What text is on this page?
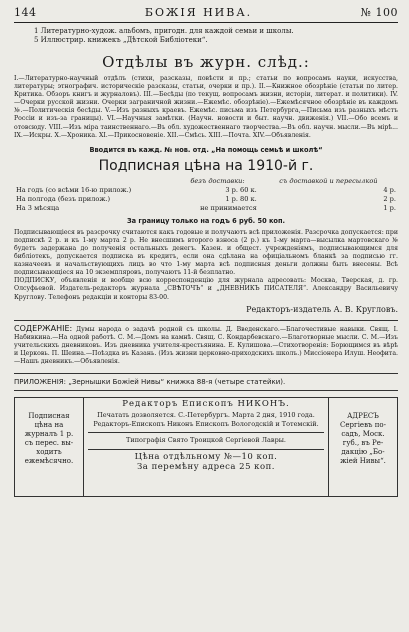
144	БОЖІЯ НИВА.	№ 100
1 Литературно-худож. альбомъ, пригодн. для каждой семьи и школы.
5 Иллюстрир. книжекъ „Дѣтской Библіотеки“.
Отдѣлы въ журн. слѣд.:
I.—Литературно-научный отдѣлъ (стихи, разсказы, повѣсти и пр.; статьи по вопросамъ науки, искусства, литературы; этнографич. историческіе разсказы, статьи, очерки и пр.). II.—Книжное обозрѣніе (статьи по литер. Критика. Обзоръ книгъ и журналовъ). III.—Бесѣды (по текущ. вопросамъ жизни, исторіи, литерат. и политики). IV.—Очерки русской жизни. Очерки заграничной жизни.—Ежемѣс. обозрѣніе).—Ежемѣсячное обозрѣніе въ каждомъ №.—Политическія бесѣды. V.—Изъ разныхъ краевъ. Ежемѣс. письма изъ Петербурга,—Письма изъ разныхъ мѣстъ Россіи и изъ-за границы). VI.—Научныя замѣтки. (Научн. новости и быт. научн. движенія.) VII.—Обо всемъ и отовсюду. VIII.—Изъ міра таинственнаго.—Въ обл. художественнаго творчества.—Въ обл. научн. мысли.—Въ мірѣ... IX.—Искры. X.—Хроника. XI.—Прикосновеніе. XII.—Смѣсь. XIII.—Почта. XIV.—Объявленія.
Вводится въ кажд. № нов. отд. „На помощь семьѣ и школѣ“
Подписная цѣна на 1910-й г.
	безъ доставки:	съ доставкой и пересылкой
На годъ (со всѣми 16-ю прилож.)	3 р. 60 к.	4 р.
На полгода (безъ прилож.)	1 р. 80 к.	2 р.
На 3 мѣсяца	не принимается	1 р.
За границу только на годъ 6 руб. 50 коп.
Подписывающіеся въ разсрочку считаются какъ годовые и получаютъ всѣ приложенія. Разсрочка допускается: при подпискѣ 2 р. и къ 1-му марта 2 р. Не внесшимъ второго взноса (2 р.) къ 1-му марта—высылка мартовскаго № будетъ задержана до полученія остальныхъ денегъ. Казен. и общест. учрежденіямъ, подписывающимся для библіотекъ, допускается подписка въ кредитъ, если она сдѣлана на офиціальномъ бланкѣ за подписью гг. казначеевъ и начальствующихъ лицъ во что 1-му марта всѣ подписныя деньги должны быть внесены. Всѣ подписывающіеся на 10 экземпляровъ, получаютъ 11-й безплатно.
ПОДПИСКУ, объявленія и вообще всю корреспонденцію для журнала адресовать: Москва, Тверская, д. гр. Олсуфьевой. Издатель-редакторъ журнала „СВѢТОЧЪ“ и „ДНЕВНИКЪ ПИСАТЕЛЯ“. Александру Васильевичу Круглову. Телефонъ редакціи и конторы 83-00.
Редакторъ-издатель А. В. Кругловъ.
СОДЕРЖАНІЕ: Думы народа о задачѣ родной съ школы. Д. Введенскаго.—Благочестивые навыки. Свящ. І. Набивкина.—На одной работѣ. С. М.—Домъ на камнѣ. Свящ. С. Кондарбевскаго.—Благотворные мысли. С. М.—Изъ учительскихъ дневниковъ. Изъ дневника учителя-крестьянина. Е. Кулишова.—Стихотворенія: Борющимся въ вѣрѣ и Церковь. П. Шеина.—Поѣздка въ Казань. (Изъ жизни церковно-приходскихъ школъ.) Миссіонера Илуш. Неофита.—Нашъ дневникъ.—Объявленія.
ПРИЛОЖЕНІЯ: „Зернышки Божіей Нивы“ книжка 88-я (четыре статейки).
Подписная
цѣна на
журналъ 1 р.
съ перес. вы-
ходитъ
ежемѣсячно.
Редакторъ Епископъ НИКОНЪ.
Печатать дозволяется. С.-Петербургъ. Марта 2 дня, 1910 года. Редакторъ-Епископъ Никонъ Епископъ Вологодскій и Тотемскій.
Типографія Свято Троицкой Сергіевой Лавры.
Цѣна отдѣльному №—10 коп.
За перемѣну адреса 25 коп.
АДРЕСЪ
Сергіевъ по-
садъ, Моск.
губ., въ Ре-
дакцію „Бо-
жіей Нивы“.
